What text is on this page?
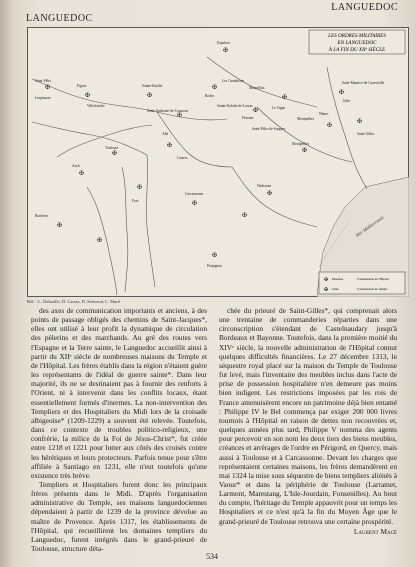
LANGUEDOC
LANGUEDOC
LES ORDRES MILITAIRES
EN LANGUEDOC
À LA FIN DU XIIᵉ SIÈCLE
Espalion
Saint-Félix
Figeac	Sainte-Eulalie
Rodez
Marseillan
Villefranche
Saint-Anthoine-de-Caussens
Les Canabières	Saint-Maurice-de-Casevieille
Lespinasse
Sainte-Eulalie-de-Larzac	Le Vigan
Pézenas
Saint-Félix-de-Sorgues
Montpellier
Montpellier
Nîmes
Saint-Gilles
Jalès
Narbonne
Carcassonne
Toulouse
Albi
Castres
Auch
Perpignan
Foix
Bordères
✠
✠
✠	✠
✠
✠
✠
✠
✠
✠
✠
✠
✠
✠
✠
✠
✠
✠
✠
✠
✠
✠
Mer Méditerranée
✠ Pézenas	Commanderie de l'Hôpital
✠ Jalès	Commanderie du Temple
Réf. : L. Delaville, D. Carraz, D. Selwood, L. Macé

des axes de communication importants et anciens, à des points de passage obligés des chemins de Saint-Jacques*, elles ont utilisé à leur profit la dynamique de circulation des pèlerins et des marchands. Au gré des routes vers l'Espagne et la Terre sainte, le Languedoc accueillit ainsi à partir du XIIᵉ siècle de nombreuses maisons du Temple et de l'Hôpital. Les frères établis dans la région n'étaient guère les représentants de l'idéal de guerre sainte*. Dans leur majorité, ils ne se destinaient pas à fournir des renforts à l'Orient, ni à intervenir dans les conflits locaux, étant essentiellement formés d'inermes. La non-intervention des Templiers et des Hospitaliers du Midi lors de la croisade albigeoise* (1209-1229) a souvent été relevée. Toutefois, dans ce contexte de troubles politico-religieux, une confrérie, la milice de la Foi de Jésus-Christ*, fut créée entre 1218 et 1221 pour lutter aux côtés des croisés contre les hérétiques et leurs protecteurs. Parfois tenue pour s'être affiliée à Santiago en 1231, elle n'eut toutefois qu'une existence très brève.

Templiers et Hospitaliers furent donc les principaux frères présents dans le Midi. D'après l'organisation administrative du Temple, ses maisons languedociennes dépendaient à partir de 1239 de la province dévolue au maître de Provence. Après 1317, les établissements de l'Hôpital, qui recueillirent les domaines templiers du Languedoc, furent intégrés dans le grand-prieuré de Toulouse, structure déta-

chée du prieuré de Saint-Gilles*, qui comprenait alors une trentaine de commanderies réparties dans une circonscription s'étendant de Castelnaudary jusqu'à Bordeaux et Bayonne. Toutefois, dans la première moitié du XIVᵉ siècle, la nouvelle administration de l'Hôpital connut quelques difficultés financières. Le 27 décembre 1313, le séquestre royal placé sur la maison du Temple de Toulouse fut levé, mais l'inventaire des meubles inclus dans l'acte de prise de possession hospitalière n'en demeure pas moins bien indigent. Les restrictions imposées par les rois de France amenuisèrent encore un patrimoine déjà bien entamé : Philippe IV le Bel commença par exiger 200 000 livres tournois à l'Hôpital en raison de dettes non recouvrées et, quelques années plus tard, Philippe V nomma des agents pour percevoir en son nom les deux tiers des biens meubles, créances et arrérages de l'ordre en Périgord, en Quercy, mais aussi à Toulouse et à Carcassonne. Devant les charges que représentaient certaines maisons, les frères demandèrent en mai 1324 la mise sous séquestre de biens templiers aliénés à Vaour* et dans la périphérie de Toulouse (Larramet, Larmont, Marestang, L'Isle-Jourdain, Fonsenilles). Au bout du compte, l'héritage du Temple appauvrit pour un temps les Hospitaliers et ce n'est qu'à la fin du Moyen Âge que le grand-prieuré de Toulouse retrouva une certaine prospérité.

Laurent Macé
534
